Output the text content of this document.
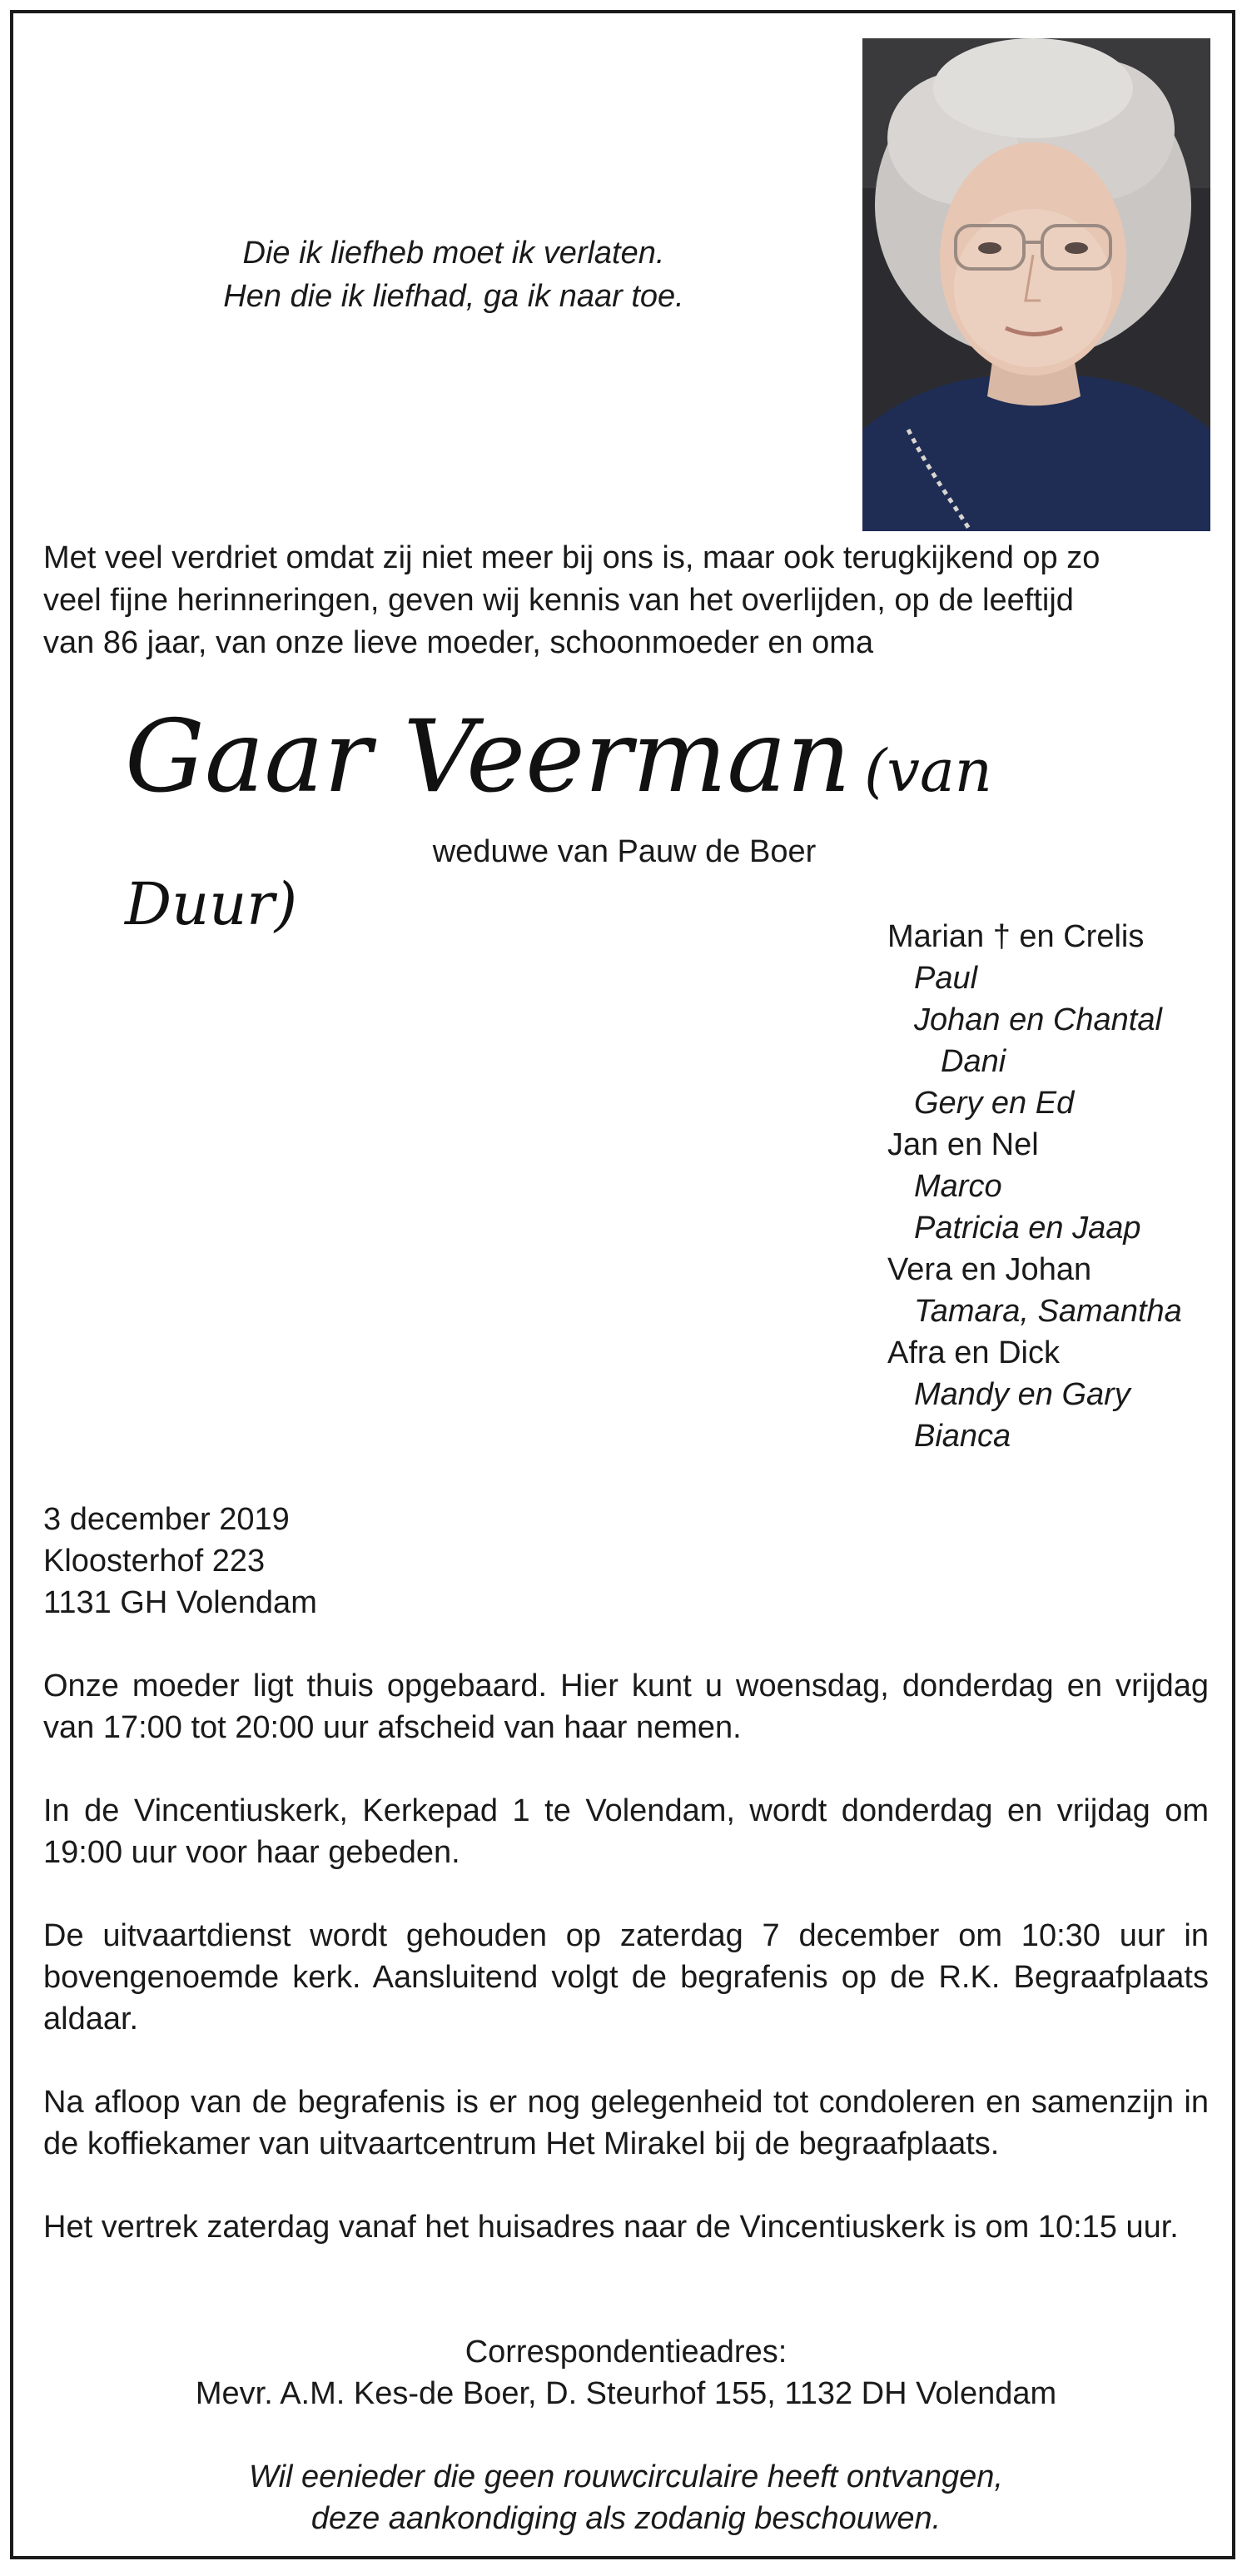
Die ik liefheb moet ik verlaten.
Hen die ik liefhad, ga ik naar toe.
Met veel verdriet omdat zij niet meer bij ons is, maar ook terugkijkend op zo
veel fijne herinneringen, geven wij kennis van het overlijden, op de leeftijd
van 86 jaar, van onze lieve moeder, schoonmoeder en oma
Gaar Veerman (van Duur)
weduwe van Pauw de Boer
Marian † en Crelis
Paul
Johan en Chantal
Dani
Gery en Ed
Jan en Nel
Marco
Patricia en Jaap
Vera en Johan
Tamara, Samantha
Afra en Dick
Mandy en Gary
Bianca
3 december 2019
Kloosterhof 223
1131 GH Volendam
Onze moeder ligt thuis opgebaard. Hier kunt u woensdag, donderdag en vrijdag van 17:00 tot 20:00 uur afscheid van haar nemen.
In de Vincentiuskerk, Kerkepad 1 te Volendam, wordt donderdag en vrijdag om 19:00 uur voor haar gebeden.
De uitvaartdienst wordt gehouden op zaterdag 7 december om 10:30 uur in bovengenoemde kerk. Aansluitend volgt de begrafenis op de R.K. Begraafplaats aldaar.
Na afloop van de begrafenis is er nog gelegenheid tot condoleren en samenzijn in de koffiekamer van uitvaartcentrum Het Mirakel bij de begraafplaats.
Het vertrek zaterdag vanaf het huisadres naar de Vincentiuskerk is om 10:15 uur.
Correspondentieadres:
Mevr. A.M. Kes-de Boer, D. Steurhof 155, 1132 DH Volendam
Wil eenieder die geen rouwcirculaire heeft ontvangen,
deze aankondiging als zodanig beschouwen.
